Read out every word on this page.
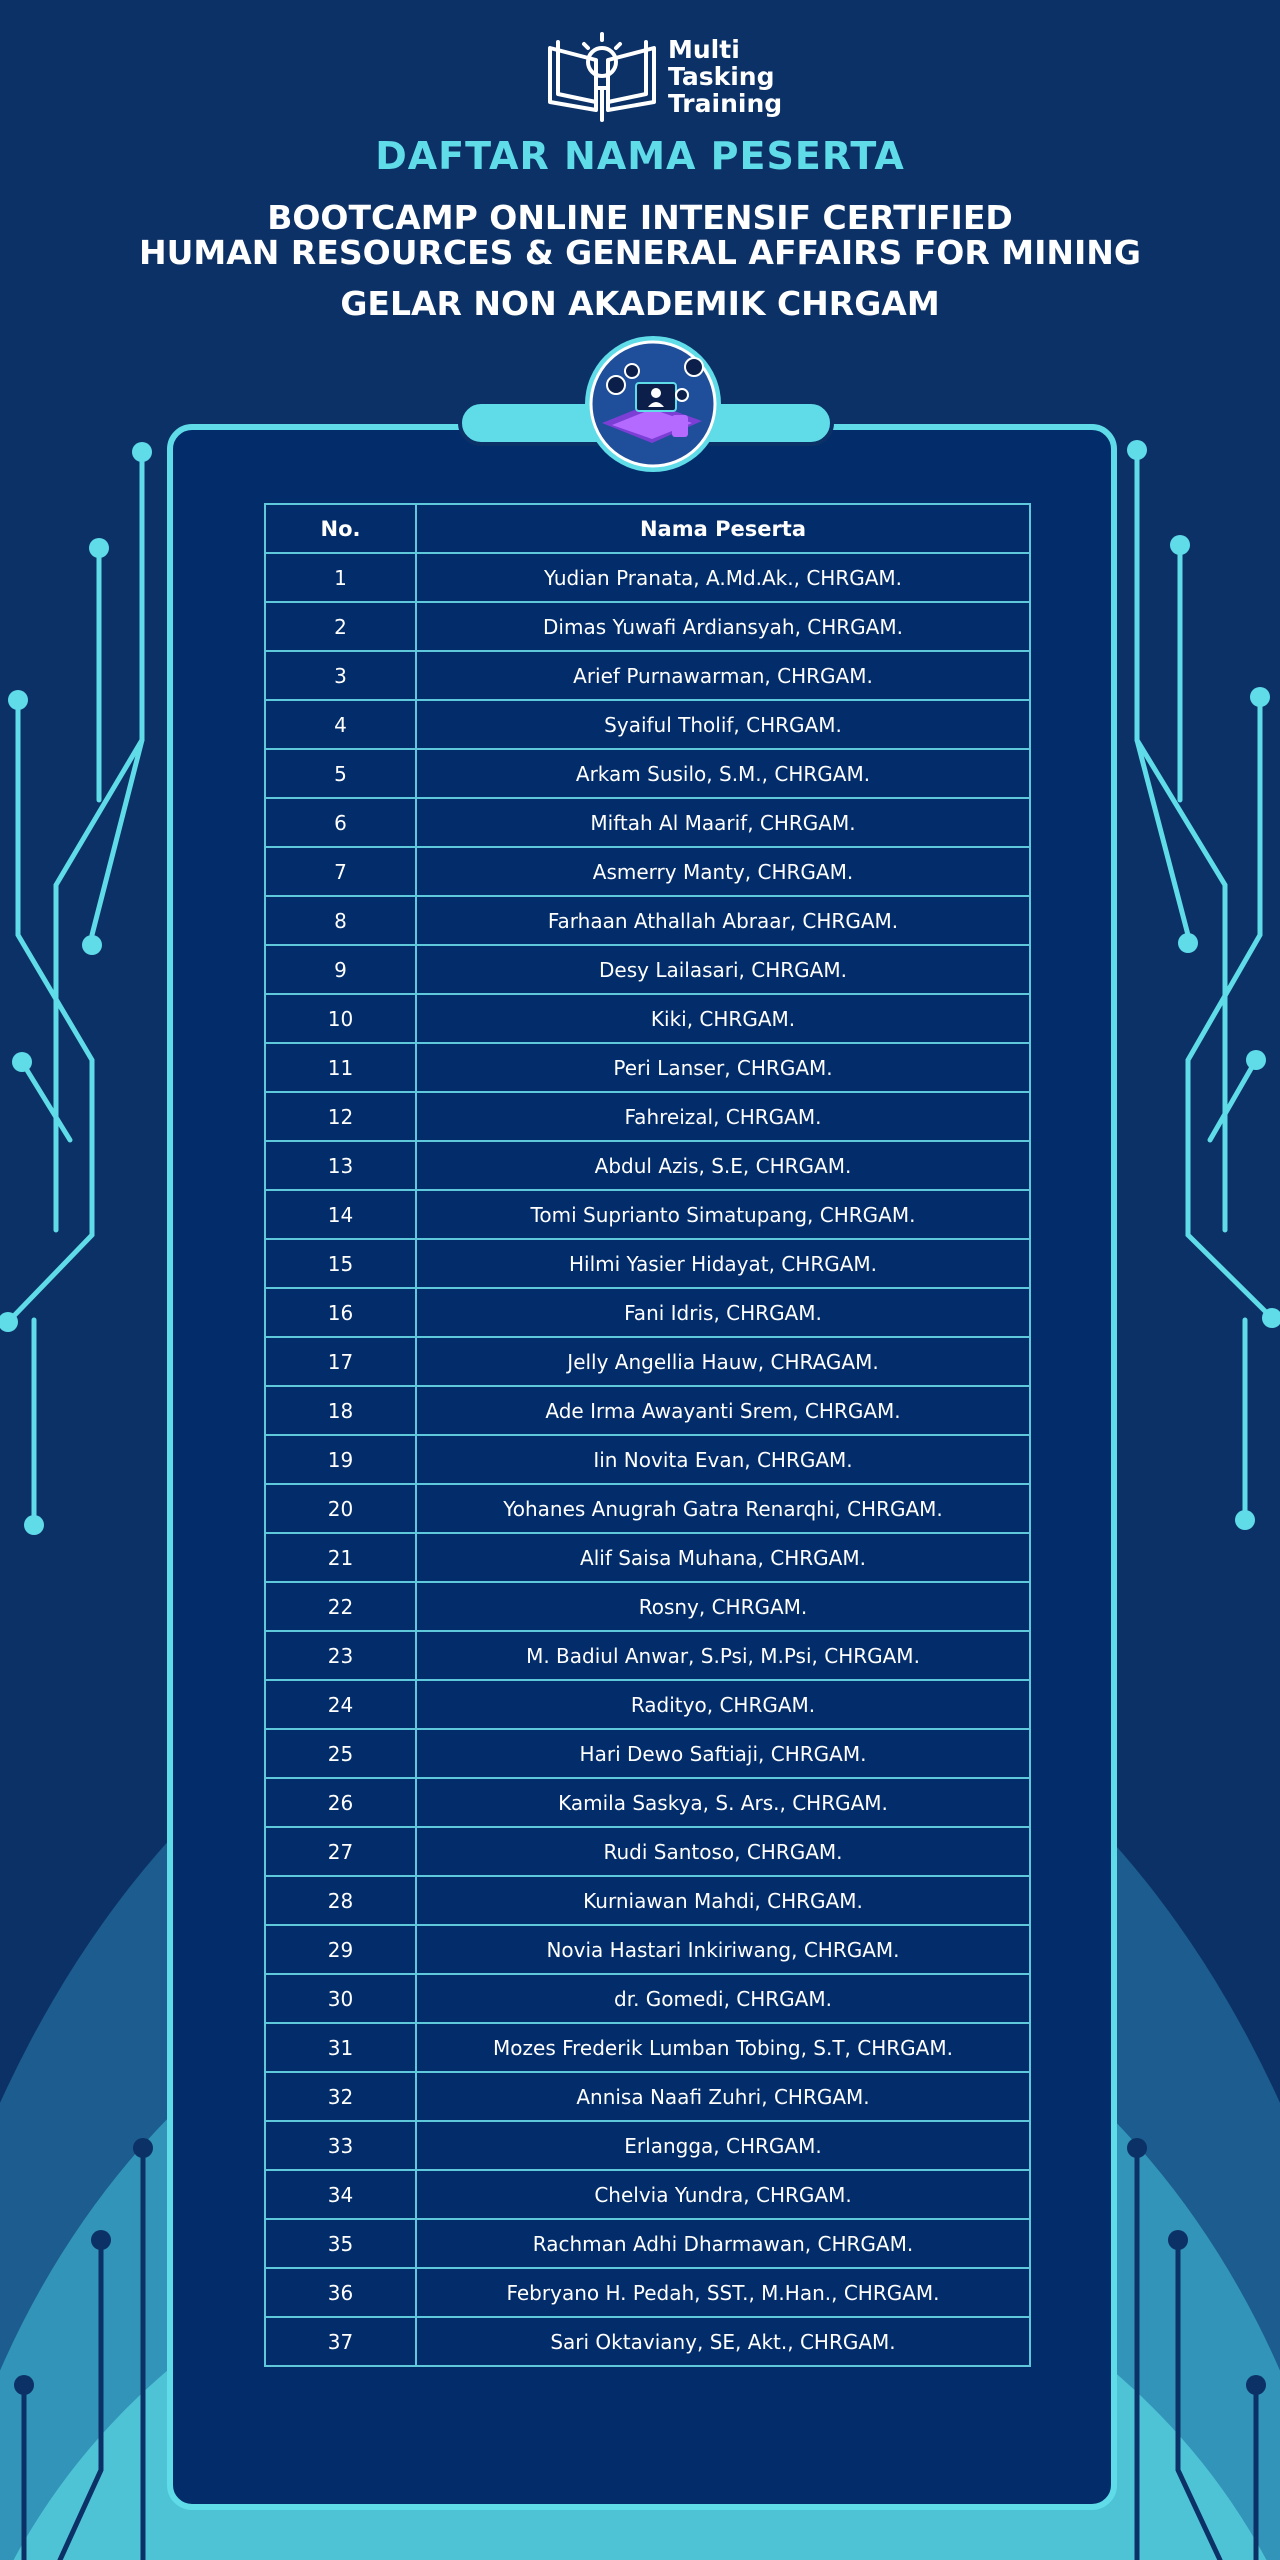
Multi
Tasking
Training
DAFTAR NAMA PESERTA
BOOTCAMP ONLINE INTENSIF CERTIFIED
HUMAN RESOURCES & GENERAL AFFAIRS FOR MINING
GELAR NON AKADEMIK CHRGAM
No.	Nama Peserta
1	Yudian Pranata, A.Md.Ak., CHRGAM.
2	Dimas Yuwafi Ardiansyah, CHRGAM.
3	Arief Purnawarman, CHRGAM.
4	Syaiful Tholif, CHRGAM.
5	Arkam Susilo, S.M., CHRGAM.
6	Miftah Al Maarif, CHRGAM.
7	Asmerry Manty, CHRGAM.
8	Farhaan Athallah Abraar, CHRGAM.
9	Desy Lailasari, CHRGAM.
10	Kiki, CHRGAM.
11	Peri Lanser, CHRGAM.
12	Fahreizal, CHRGAM.
13	Abdul Azis, S.E, CHRGAM.
14	Tomi Suprianto Simatupang, CHRGAM.
15	Hilmi Yasier Hidayat, CHRGAM.
16	Fani Idris, CHRGAM.
17	Jelly Angellia Hauw, CHRAGAM.
18	Ade Irma Awayanti Srem, CHRGAM.
19	Iin Novita Evan, CHRGAM.
20	Yohanes Anugrah Gatra Renarqhi, CHRGAM.
21	Alif Saisa Muhana, CHRGAM.
22	Rosny, CHRGAM.
23	M. Badiul Anwar, S.Psi, M.Psi, CHRGAM.
24	Radityo, CHRGAM.
25	Hari Dewo Saftiaji, CHRGAM.
26	Kamila Saskya, S. Ars., CHRGAM.
27	Rudi Santoso, CHRGAM.
28	Kurniawan Mahdi, CHRGAM.
29	Novia Hastari Inkiriwang, CHRGAM.
30	dr. Gomedi, CHRGAM.
31	Mozes Frederik Lumban Tobing, S.T, CHRGAM.
32	Annisa Naafi Zuhri, CHRGAM.
33	Erlangga, CHRGAM.
34	Chelvia Yundra, CHRGAM.
35	Rachman Adhi Dharmawan, CHRGAM.
36	Febryano H. Pedah, SST., M.Han., CHRGAM.
37	Sari Oktaviany, SE, Akt., CHRGAM.
